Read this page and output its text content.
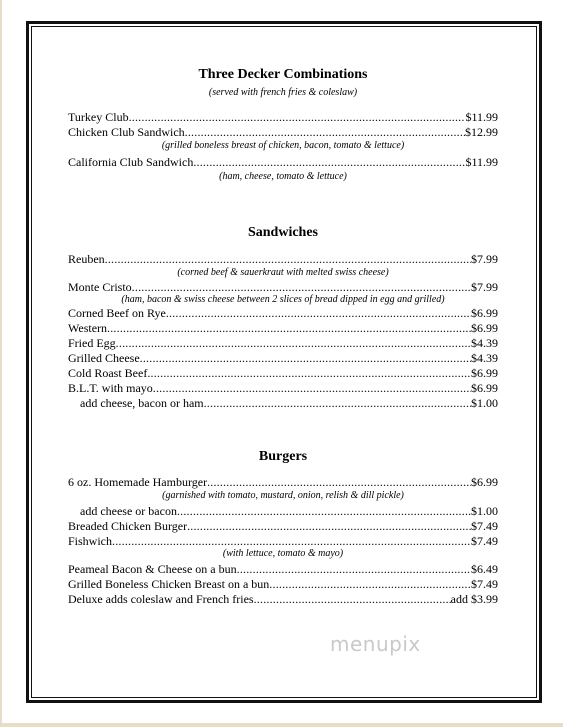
Three Decker Combinations
(served with french fries & coleslaw)
Turkey Club .....	$11.99
Chicken Club Sandwich .....	$12.99
(grilled boneless breast of chicken, bacon, tomato & lettuce)
California Club Sandwich .....	$11.99
(ham, cheese, tomato & lettuce)
Sandwiches
Reuben .....	$7.99
(corned beef & sauerkraut with melted swiss cheese)
Monte Cristo .....	$7.99
(ham, bacon & swiss cheese between 2 slices of bread dipped in egg and grilled)
Corned Beef on Rye .....	$6.99
Western .....	$6.99
Fried Egg .....	$4.39
Grilled Cheese .....	$4.39
Cold Roast Beef .....	$6.99
B.L.T. with mayo .....	$6.99
add cheese, bacon or ham .....	$1.00
Burgers
6 oz. Homemade Hamburger .....	$6.99
(garnished with tomato, mustard, onion, relish & dill pickle)
add cheese or bacon .....	$1.00
Breaded Chicken Burger .....	$7.49
Fishwich .....	$7.49
(with lettuce, tomato & mayo)
Peameal Bacon & Cheese on a bun .....	$6.49
Grilled Boneless Chicken Breast on a bun .....	$7.49
Deluxe adds coleslaw and French fries .....	add $3.99
menupix
